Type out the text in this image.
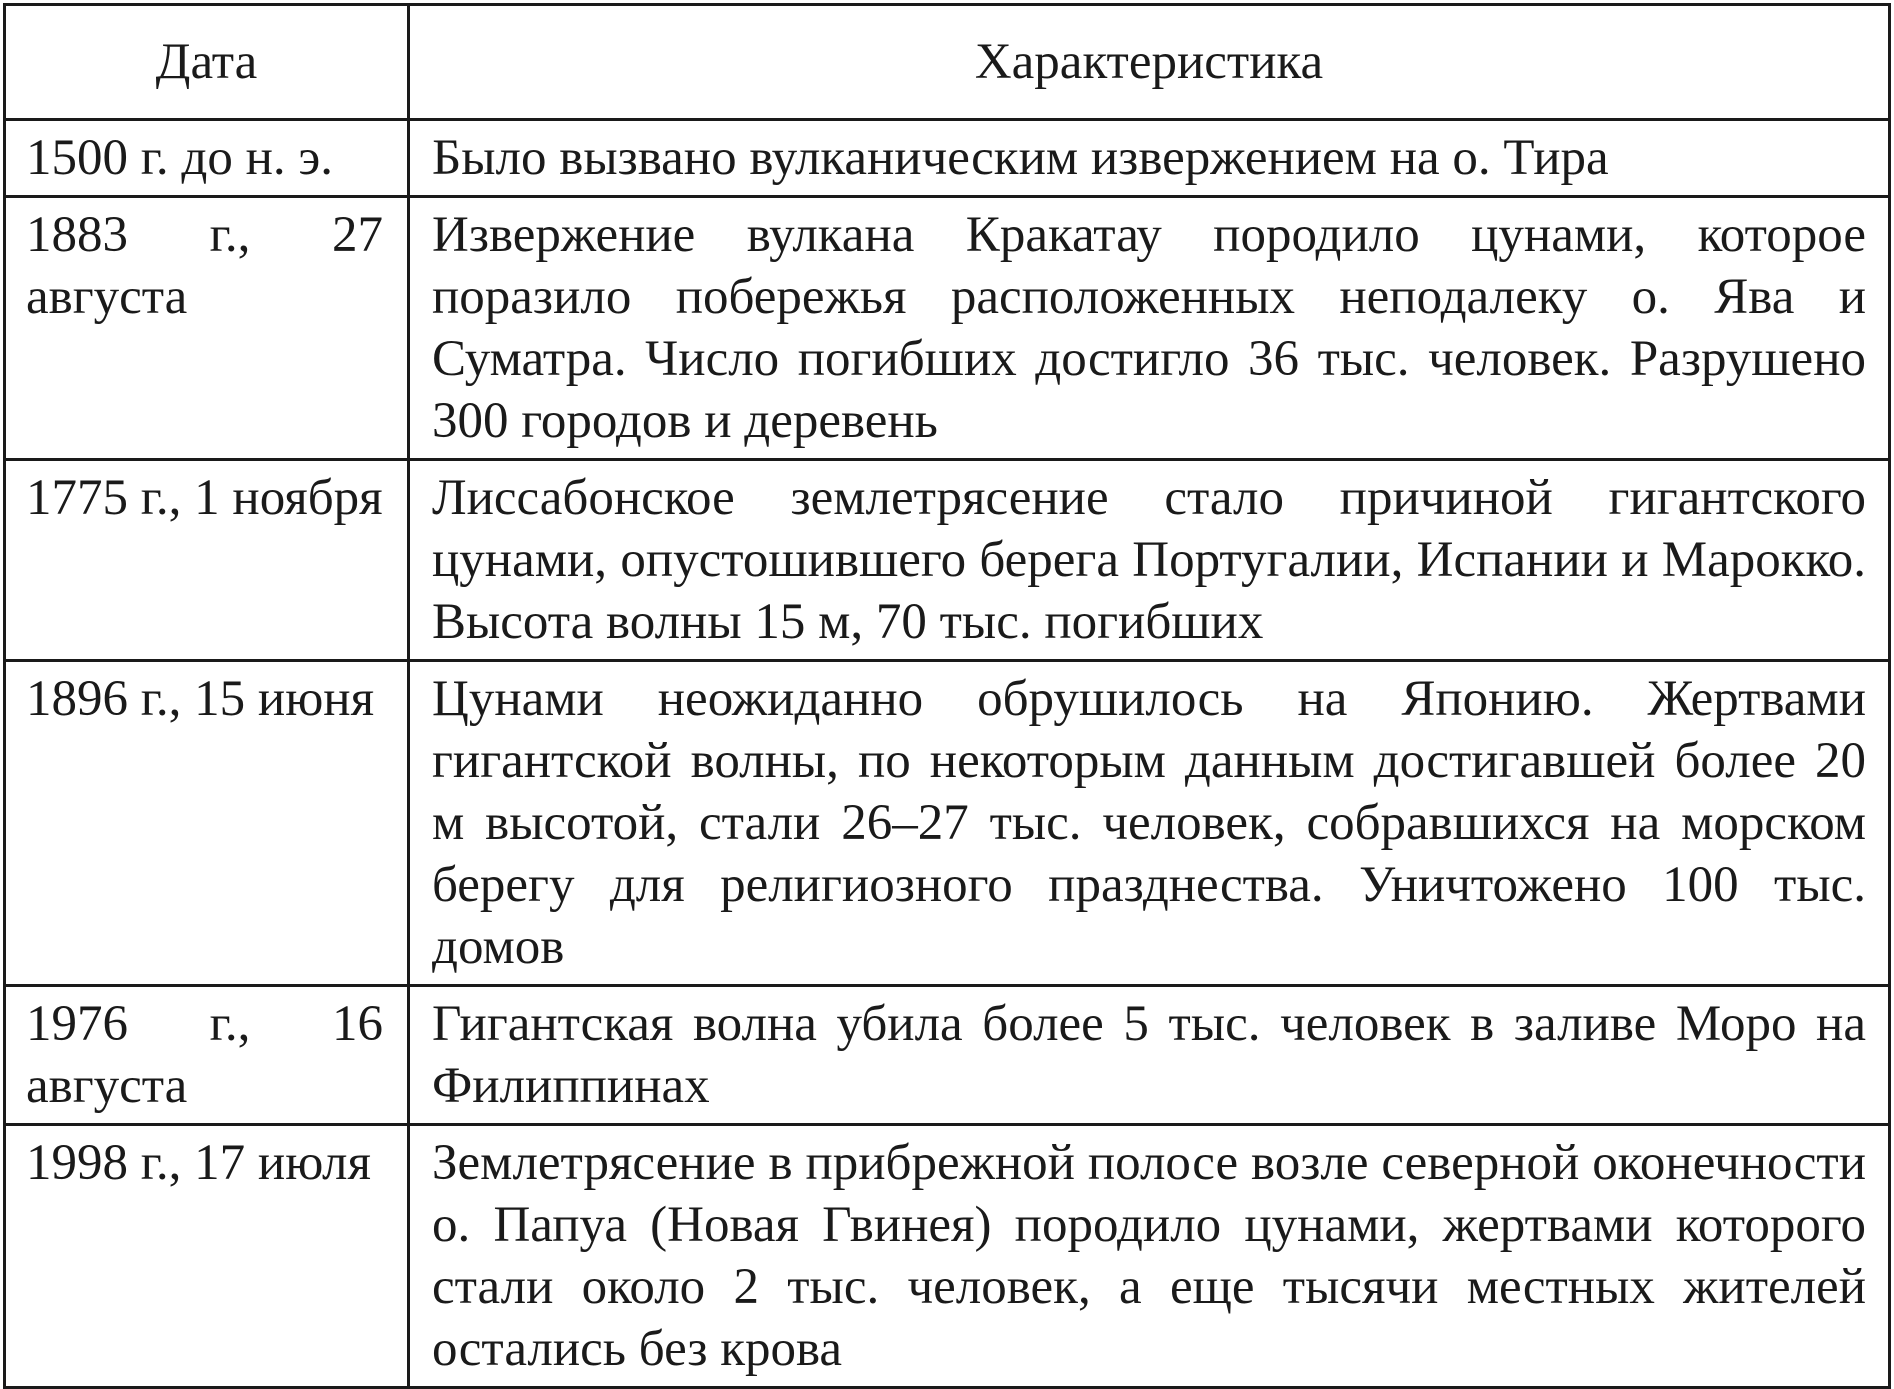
Дата	Характеристика
1500 г. до н. э.	Было вызвано вулканическим извержением на о. Тира
1883 г., 27 августа	Извержение вулкана Кракатау породило цунами, которое поразило побережья расположенных неподалеку о. Ява и Суматра. Число погибших достигло 36 тыс. человек. Разрушено 300 городов и деревень
1775 г., 1 ноября	Лиссабонское землетрясение стало причиной гигантского цунами, опустошившего берега Португалии, Испании и Марокко. Высота волны 15 м, 70 тыс. погибших
1896 г., 15 июня	Цунами неожиданно обрушилось на Японию. Жертвами гигантской волны, по некоторым данным достигавшей более 20 м высотой, стали 26–27 тыс. человек, собравшихся на морском берегу для религиозного празднества. Уничтожено 100 тыс. домов
1976 г., 16 августа	Гигантская волна убила более 5 тыс. человек в заливе Моро на Филиппинах
1998 г., 17 июля	Землетрясение в прибрежной полосе возле северной оконечности о. Папуа (Новая Гвинея) породило цунами, жертвами которого стали около 2 тыс. человек, а еще тысячи местных жителей остались без крова
